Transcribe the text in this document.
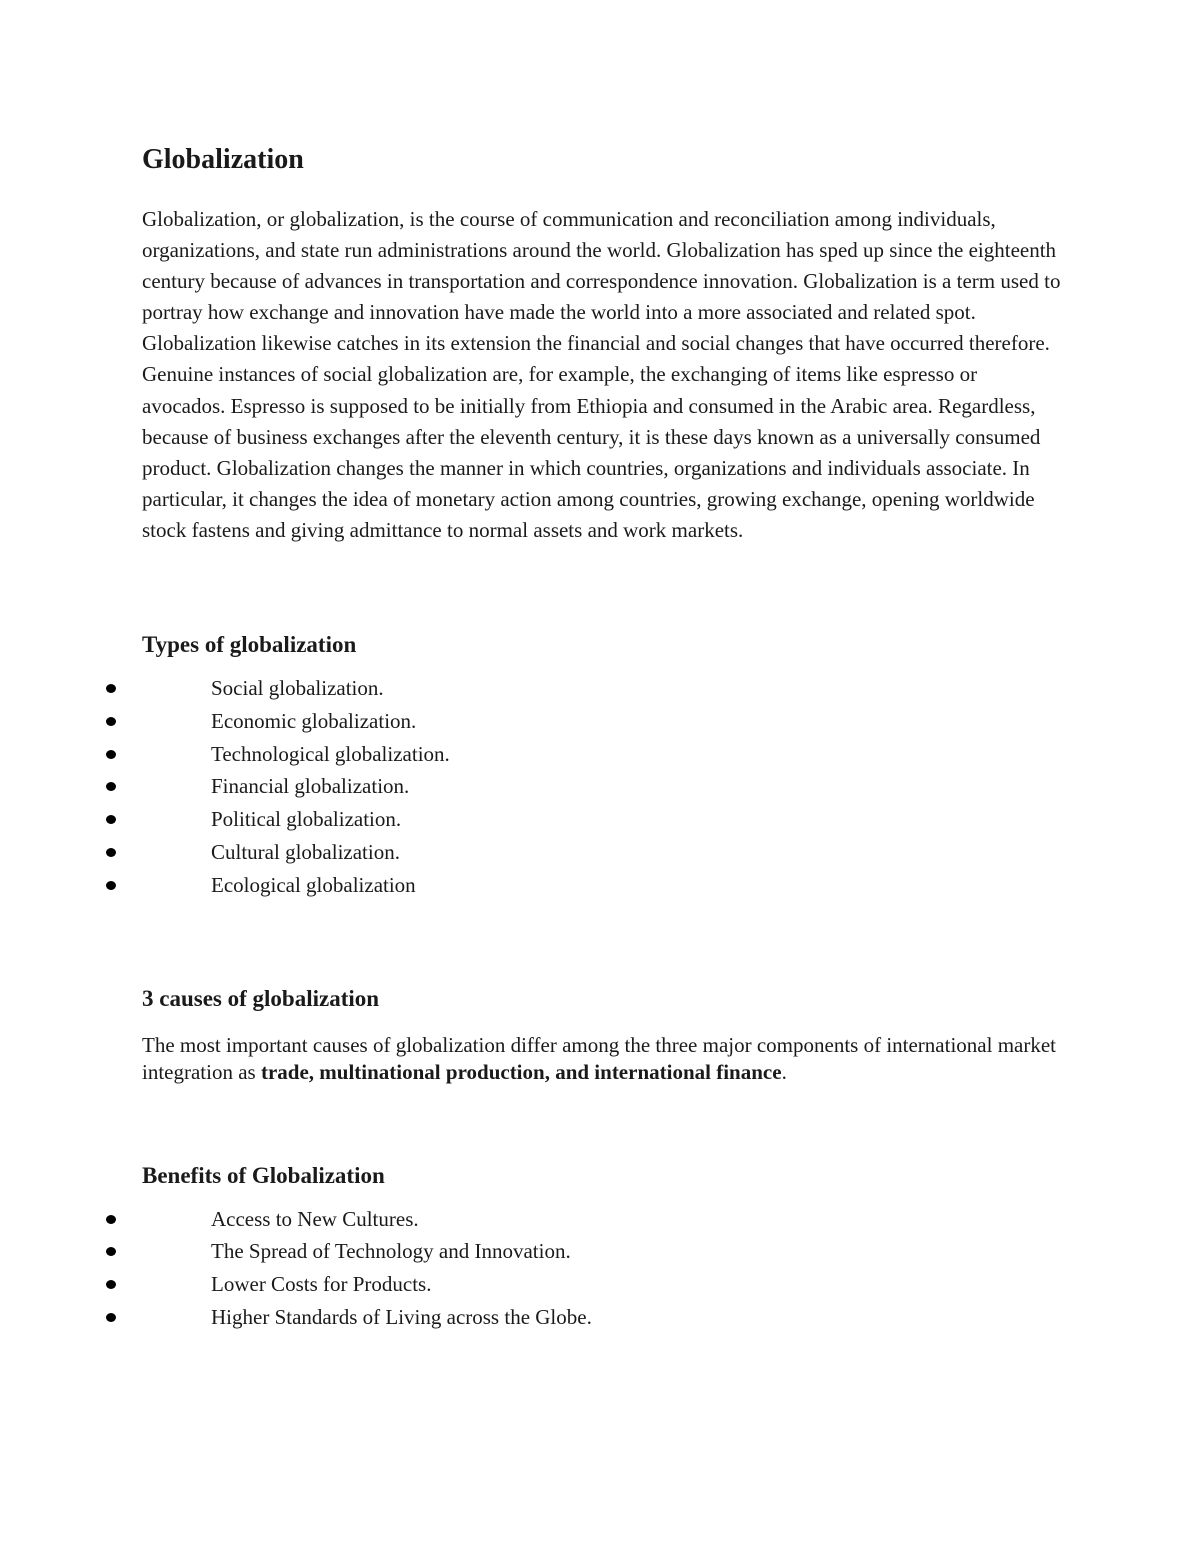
Globalization

Globalization, or globalization, is the course of communication and reconciliation among individuals, organizations, and state run administrations around the world. Globalization has sped up since the eighteenth century because of advances in transportation and correspondence innovation. Globalization is a term used to portray how exchange and innovation have made the world into a more associated and related spot. Globalization likewise catches in its extension the financial and social changes that have occurred therefore. Genuine instances of social globalization are, for example, the exchanging of items like espresso or avocados. Espresso is supposed to be initially from Ethiopia and consumed in the Arabic area. Regardless, because of business exchanges after the eleventh century, it is these days known as a universally consumed product. Globalization changes the manner in which countries, organizations and individuals associate. In particular, it changes the idea of monetary action among countries, growing exchange, opening worldwide stock fastens and giving admittance to normal assets and work markets.

Types of globalization
Social globalization.
Economic globalization.
Technological globalization.
Financial globalization.
Political globalization.
Cultural globalization.
Ecological globalization
3 causes of globalization

The most important causes of globalization differ among the three major components of international market integration as trade, multinational production, and international finance.

Benefits of Globalization
Access to New Cultures.
The Spread of Technology and Innovation.
Lower Costs for Products.
Higher Standards of Living across the Globe.
